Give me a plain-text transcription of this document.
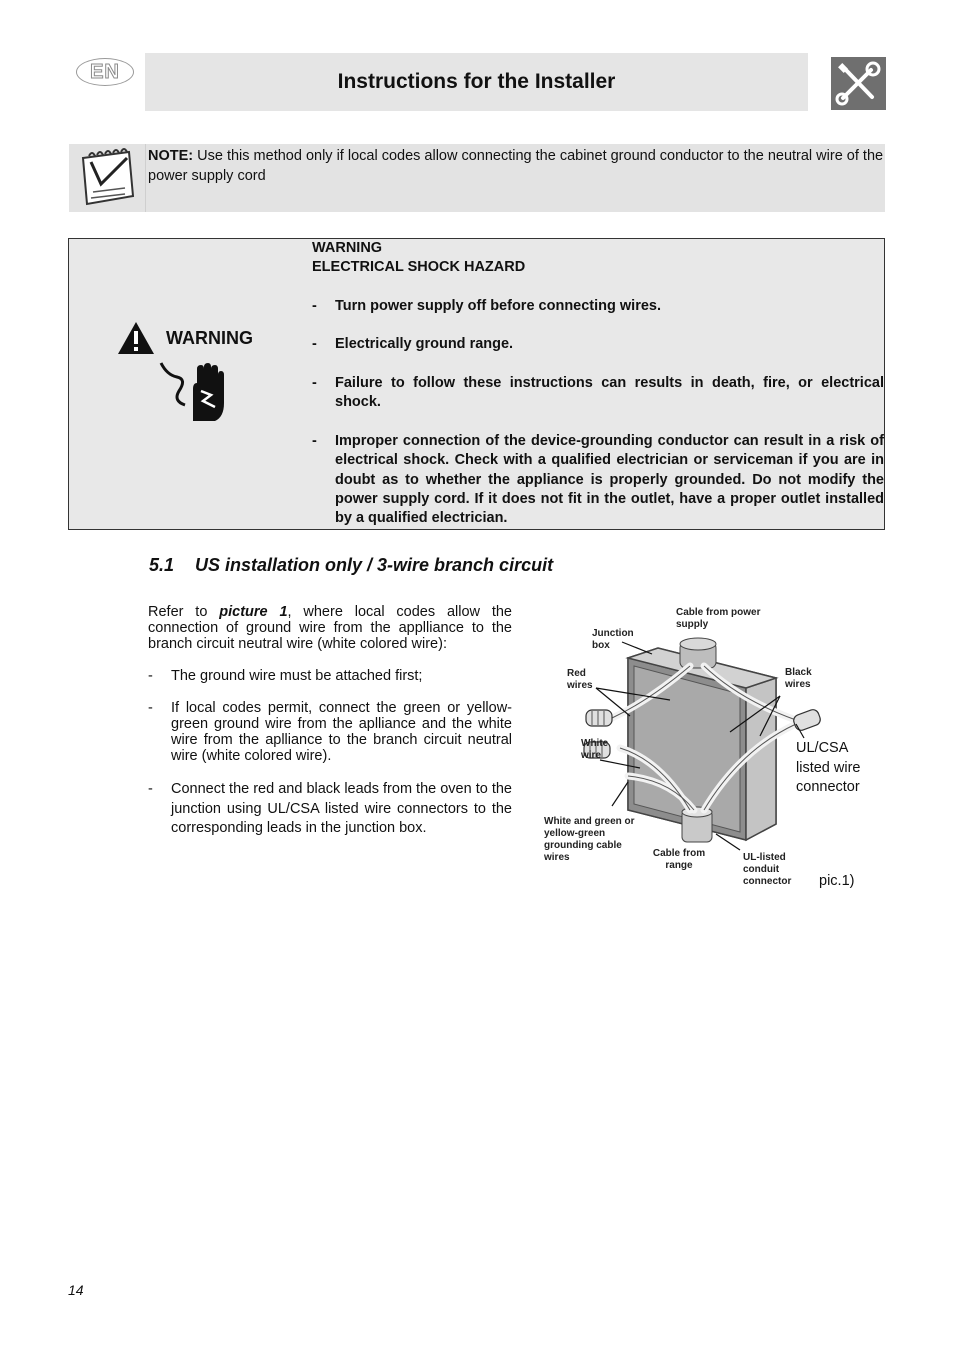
EN	Instructions for the Installer
NOTE: Use this method only if local codes allow connecting the cabinet ground conductor to the neutral wire of the power supply cord
WARNING
WARNING
ELECTRICAL SHOCK HAZARD
- Turn power supply off before connecting wires.
- Electrically ground range.
- Failure to follow these instructions can results in death, fire, or electrical shock.
- Improper connection of the device-grounding conductor can result in a risk of electrical shock. Check with a qualified electrician or serviceman if you are in doubt as to whether the appliance is properly grounded. Do not modify the power supply cord. If it does not fit in the outlet, have a proper outlet installed by a qualified electrician.
5.1 US installation only / 3-wire branch circuit

Refer to picture 1, where local codes allow the connection of ground wire from the applliance to the branch circuit neutral wire (white colored wire):

- The ground wire must be attached first;
- If local codes permit, connect the green or yellow-green ground wire from the aplliance and the white wire from the aplliance to the branch circuit neutral wire (white colored wire).
- Connect the red and black leads from the oven to the junction using UL/CSA listed wire connectors to the corresponding leads in the junction box.
Cable from power supply
Junction box
Red wires
Black wires
White wire
White and green or yellow-green grounding cable wires	Cable from range
UL-listed conduit connector
UL/CSA listed wire connector
pic.1)
14
